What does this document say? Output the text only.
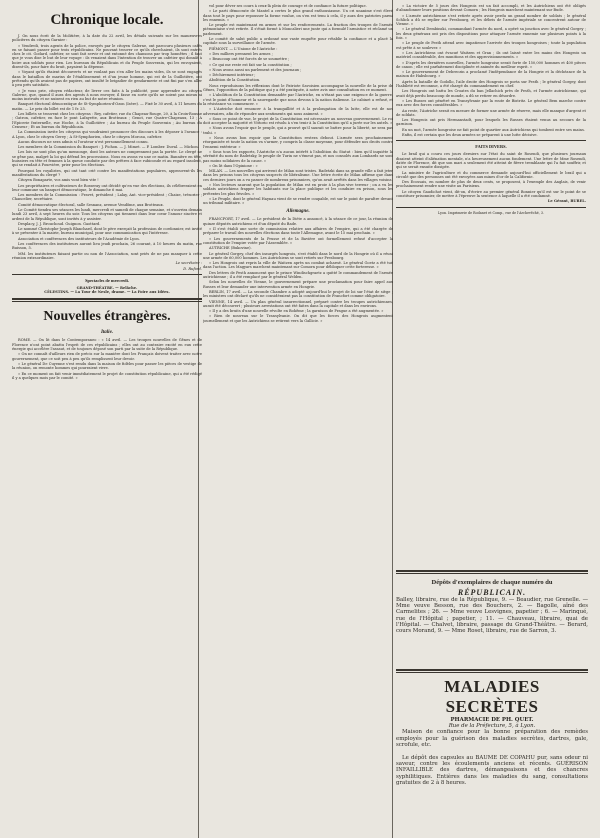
Chronique locale.

J. On nous écrit de la Molitière, à la date du 22 avril, les détails suivants sur les manœuvres policières du citoyen Garnier :

« Vendredi, trois agents de la police, envoyés par le citoyen Galerne, ont parcouru plusieurs cafés en se faisant passer pour trois républicains. Ne pouvant trouver ce qu'ils cherchaient, ils sont entrés chez le cit. Godard, cafetier, se sont fait servir et ont entonné des chansons par trop honnêtes ; il faut que je vous dise le but de leur voyage : ils venaient dans l'intention de trouver un cafetier qui donnât à boire aux soldats pour rien. Les bureaux du Républicain et du Peuple Souverain, qui les envoyaient, disent-ils, pour faire du bruit, payaient la dépense.

« Voyant qu'ils étaient découverts et ne voulant pas s'en aller les mains vides, ils se sont engagés dans le bataillon de marins de l'établissement et d'un jeune homme, qui est de la Guillotière, ont prétendu qu'ils avaient pas de papiers, ont insulté le brigadier de gendarmerie et ont fini par s'en aller à peu près satisfaits.

» Je vous prie, citoyen rédacteur, de livrer ces faits à la publicité, pour apprendre au citoyen Galerne, que, quand il aura des agents à nous envoyer, il fasse en sorte qu'ils ne soient pas mieux ni moins instruits et ne nuisent en rien au but de notre réunion.

Banquet électoral démocratique de St-Symphorien-d'Ozon (Isère). — Fixé le 30 avril, à 11 heures du matin. — Le prix du billet est de 1 fr. 25.

Les billets se trouvent chez les citoyens : Rey, cafetier, rue du Chapeau-Rouge, 20, à la Croix-Rousse ; Gatron, cafetier, en face le pont Lafayette, aux Brotteaux ; Genot, rue Quatre-Chapeaux, 13 ; A l'Epicerie fraternelle, rue Hoche, à la Guillotière ; Au bureau du Peuple Souverain ; Au bureau du Censeur ; Et au bureau du Républicain.

La Commission invite les citoyens qui voudraient prononcer des discours à les déposer à l'avance : A Lyon, chez le citoyen Gerey ; A St-Symphorien, chez le citoyen Morcau, cafetier.

Aucun discours ne sera admis si l'orateur n'est personnellement connu.

Les membres de la Commission du Banquet : J. Pichon. — J. Mimet. — P. Lomber. Duval. — Michon.

Les lois ne sont plus qu'un mensonge, dont les auteurs ne comprennent pas la portée. Le clergé ne se gêne pas, malgré la loi qui défend les processions. Nous en avons vu une ce matin. Bannière en tête, huissiers en tête et femmes à la queue conduite par des prêtres à face rubiconde et au regard insolent, qui se rendait à Fourvière, prier pour les élections.

Pourquoi les royalistes, qui ont tant crié contre les manifestations populaires, approuvent-ils les manifestations du clergé ?

Citoyen Bonaparte, vos amis vont bien vite !

Les propriétaires et cultivateurs de Rosseray ont décidé qu'en vue des élections, ils célébreraient en leur commune un banquet démocratique, le dimanche 6 mai.

Les membres de la Commission : Fravet, président ; Lalay, Ant. vice-président ; Chaize, trésorier ; Chancelier, secrétaire.

Comité démocratique électoral, salle Sesnanz, avenue Vendôme, aux Brotteaux.

Le Comité tiendra ses séances les lundi, mercredi et samedi de chaque semaine, et s'ouvrira demain lundi 23 avril, à sept heures du soir. Tous les citoyens qui tiennent dans leur cœur l'amour sincère et ardent de la République, sont invités à y assister.

Desplacy, J. J. Brouchoud. Guignon. Gaottard.

Le nommé Christophe-Joseph Blanchard, dont le père exerçait la profession de cordonnier, est invité à se présenter à la mairie, bureau municipal, pour une communication qui l'intéresse.

Association et conférences des instituteurs de l'Académie de Lyon.

Les conférences des instituteurs auront lieu jeudi prochain, 26 courant, à 10 heures du matin, rue Buisson, 5.

MM. les instituteurs faisant partie ou non de l'Association, sont priés de ne pas manquer à cette réunion extraordinaire.

Le secrétaire :
D. Rufard.
Spectacles de mercredi.
GRAND-THÉATRE. — Relâche.
CÉLESTINS. — La Tour de Nesle, drame. — La Foire aux Idées.
Nouvelles étrangères.
Italie.

ROME. — On lit dans le Contemporaneo : « 14 avril. — Les troupes nouvelles de Gênes et de Florence n'ont point abattu l'esprit de ces républicains ; elles ont au contraire excité en eux cette énergie qui accélère l'assaut, et de toujours déposé son parti par la suite de la République.

« On ne connaît d'ailleurs rien de précis sur la manière dont les Français doivent traiter avec notre gouvernement, que ce soit peu à peu qu'ils remplissent leur devoir.

« Le général De Cuyenne s'est rendu dans la maison de fidèles pour passer les pièces de vestige de la réunion, on remonte hommes qui pourraient vivre.

« En ce moment on fait venir immédiatement le projet de constitution républicaine, qui a été rédigé il y a quelques mois par le comité. »

vol pour déver ses cours à ceux-là plein de courage et de confiance la future politique.

« Le parti démocrate de Mantel a certes le plus grand enthousiasme. Un cri unanime s'est élevé dans tout le pays pour repousser la forme voulue, on s'en est tenu à cela, il y aura des patriotes parmi les ennemis. »

Le peuple est maintenant en armes et sur les renforcements. La fraction des troupes de l'armée piémontaise s'est retirée. Il s'était formé à Moncalieri une junte qui a formulé l'armistice et réclamé un parlement.

Le comité de salut public a ordonné une vaste enquête pour rétablir la confiance et a placé la capitale sous la surveillance de l'armée.

PIÉMONT. — L'Unione de l'Autriche :

« Des milliers prennent les armes ;

« Beaucoup ont été forcés de se soumettre ;

« Ce qui me reste est fait sur la constitution ;

« Nous avons aussi un parlement et des journaux ;

« Déchirement intérieur ;

Abolition de la Constitution.

Nous reproduisons les réflexions dont le Patriote Savoisien accompagne la nouvelle de la prise de Gênes, l'opposition de la politique qui y a été pratiquée, à notre avis une consultation en ce moment.

« L'abolition de la Constitution demandée par l'Autriche, en n'étant pas une exigence de la guerre, c'est le point d'honneur et la sauvegarde que nous devons à la nation italienne. Le cabinet a refusé, et la résistance va commencer. »

« L'Autriche doit renoncer à la tranquillité et à la prolongation de la lutte, elle est de nos adversaires, afin de répondre aux sentiments qui nous animent. »

« Sous ce point de vue, le projet de la Constitution est nécessaire au nouveau gouvernement. Le roi doit accepter la majorité et Vittorio est résolu à s'en tenir à la Constitution qu'il a jurée sur les autels. »

« Nous avons l'espoir que le peuple, qui a prouvé qu'il saurait se battre pour la liberté, ne sera pas trahi. »

« Nous avons bon espoir que la Constitution restera debout. L'armée sera prochainement réorganisée et toute la nation va s'armer, y compris la classe moyenne, pour défendre nos droits contre l'ennemi extérieur. »

« Sous tous les rapports, l'Autriche n'a aucun intérêt à l'abolition du Statut : bien qu'il inquiète la sérénité du nom de Radetzky, le peuple de Turin ne s'émeut pas, et nos consolés aux Lombards ne sont pas moins solidaires de la cause. »

« On lit dans l'Opinione : »

MILAN. — Les nouvelles qui arrivent de Milan sont tristes. Radetzki dans sa grande ville a fait jeter dans les prisons tous les citoyens suspects de libéralisme. Une lettre écrite de Milan affirme que dans ces derniers jours on a vu passer de nombreux prisonniers, qu'on avait arrêtés dans les villages voisins.

« Nos lecteurs sauront que la population de Milan est en proie à la plus vive terreur ; on a vu les soldats autrichiens frapper les habitants sur la place publique et les conduire en prison, sous les prétextes les plus frivoles. »

« Le Peuple, dont le général Haynau vient de se rendre coupable, est sur le point de paraître devant un tribunal militaire. »

Allemagne.

FRANCFORT, 17 avril. — Le président de la Diète a annoncé, à la séance de ce jour, la réunion de quinze députés autrichiens et d'un député du Bade.

« Il s'est établi une sorte de commission relative aux affaires de l'empire, qui a été chargée de préparer le travail des nouvelles élections dans toute l'Allemagne, avant le 15 mai prochain. »

« Les gouvernements de la Prusse et de la Bavière ont formellement refusé d'accepter la constitution de l'empire votée par l'Assemblée. »

AUTRICHE (Bukovine).

Le général Gorgey, chef des insurgés hongrois, s'est établi dans le nord de la Hongrie où il a réuni une armée de 60,000 hommes. Les Autrichiens se sont retirés sur Presbourg.

« Les Hongrois ont repris la ville de Waitzen après un combat acharné. Le général Goetz a été tué dans l'action. Les Magyars marchent maintenant sur Comorn pour débloquer cette forteresse. »

Des lettres de Pesth annoncent que le prince Windischgraetz a quitté le commandement de l'armée autrichienne ; il a été remplacé par le général Welden.

Selon les nouvelles de Vienne, le gouvernement prépare une proclamation pour faire appel aux Russes et leur demander une intervention armée en Hongrie.

BERLIN, 17 avril. — La seconde Chambre a adopté aujourd'hui le projet de loi sur l'état de siège ; les ministres ont déclaré qu'ils ne considéraient pas la constitution de Francfort comme obligatoire.

VIENNE, 14 avril. — Un plan général insurrectionnel, préparé contre les troupes autrichiennes, aurait été découvert ; plusieurs arrestations ont été faites dans la capitale et dans les environs.

« Il y a des bruits d'une nouvelle révolte en Bohême ; la garnison de Prague a été augmentée. »

« Rien de nouveau sur le Transylvanie. On dit que les forces des Hongrois augmentent journellement et que les Autrichiens se retirent vers la Gallicie. »

« La victoire de 5 jours des Hongrois est un fait accompli, et les Autrichiens ont été obligés d'abandonner leurs positions devant Comorn ; les Hongrois marchent maintenant sur Bude.

« L'armée autrichienne s'est retirée après avoir perdu un grand nombre de soldats ; le général Schlick a dû se replier sur Presbourg, et les débris de l'armée impériale se concentrent autour de Vienne. »

« Le général Dembinski, commandant l'armée du nord, a opéré sa jonction avec le général Gorgey ; les deux généraux ont pris des dispositions pour attaquer l'armée ennemie sur plusieurs points à la fois. »

« Le peuple de Pesth attend avec impatience l'arrivée des troupes hongroises ; toute la population est prête à se soulever. »

« Les Autrichiens ont évacué Waitzen et Gran ; ils ont laissé entre les mains des Hongrois un matériel considérable, des munitions et des approvisionnements. »

« D'après les dernières nouvelles, l'armée hongroise serait forte de 150,000 hommes et 400 pièces de canon ; elle est parfaitement disciplinée et animée du meilleur esprit. »

« Le gouvernement de Debreczin a proclamé l'indépendance de la Hongrie et la déchéance de la maison de Habsbourg. »

Après la bataille de Godollo, l'aile droite des Hongrois se porta sur Pesth ; le général Gorgey, dont l'habileté est reconnue, a été chargé du commandement en chef.

Les Hongrois ont battu les Croates du ban Jellachich près de Pesth, et l'armée autrichienne, qui avait déjà perdu beaucoup de monde, a dû se retirer en désordre.

« Les Russes ont pénétré en Transylvanie par la route de Bistritz. Le général Bem marche contre eux avec des forces considérables. »

Au reste, l'Autriche serait en mesure de former une armée de réserve, mais elle manque d'argent et de soldats.

Les Hongrois ont pris Hermanstadt, pour lesquels les Russes étaient venus au secours de la garnison.

En un mot, l'armée hongroise ne fait point de quartier aux Autrichiens qui tombent entre ses mains.

Enfin, il est certain que les deux armées se préparent à une lutte décisive.

FAITS DIVERS.

Le brail qui a couru ces jours derniers sur l'état du saint de Rosendi, que plusieurs journaux disaient atteint d'aliénation mentale, n'a heureusement aucun fondement. Une lettre de Mme Rosendi, datée de Florence, dit que son mari a seulement été atteint de fièvre tremblante qui l'a fait souffrir, et qui se serait ensuite dissipée.

La ministre de l'agriculture et du commerce demande aujourd'hui officiellement le brail qui a circulé que des personnes ont été envoyées aux mines d'or de la Californie.

Des Ecossais, en nombre de plus de deux cents, se proposent, à l'exemple des Anglais, de venir prochainement rendre une visite au Parisiens.

Le citoyen Gaudichot vient, dit-on, d'écrire au premier général Bonnier qu'il est sur le point de se constituer prisonnier, de mettre à l'épreuve la sentence à laquelle il a été condamné.

Le Gérant, BUREL.
Lyon. Imprimerie de Rodanet et Comp., rue de l'Archevêché, 3.
Dépôts d'exemplaires de chaque numéro du
RÉPUBLICAIN.
Balley, libraire, rue de la République, 9. — Beaudier, rue Grenelle. — Mme veuve Besson, rue des Bouchers, 2. — Bagolle, aîné des Carmelites ; 26. — Mme veuve Lesvignes, papetier ; 6. — Marinqué, rue de l'Hôpital ; papetier, ; 11. — Chauveau, libraire, quai de l'Hôpital. — Chalvet, libraire, passage du Grand-Théâtre. — Berard, cours Morand, 9. — Mme Roset, libraire, rue de Sarron, 3.
MALADIES SECRÈTES
PHARMACIE DE PH. QUET.
Rue de la Préfecture, 5, à Lyon.
Maison de confiance pour la bonne préparation des remèdes employés pour la guérison des maladies secrètes, dartres, gale, scrofule, etc.
Le dépôt des capsules au BAUME DE COPAHU pur, sans odeur ni saveur, contre les écoulements anciens et récents. GUÉRISON INFAILLIBLE des dartres, démangeaisons et des chancres syphilitiques. Entières dans les maladies du sang, consultations gratuites de 2 à 8 heures.
